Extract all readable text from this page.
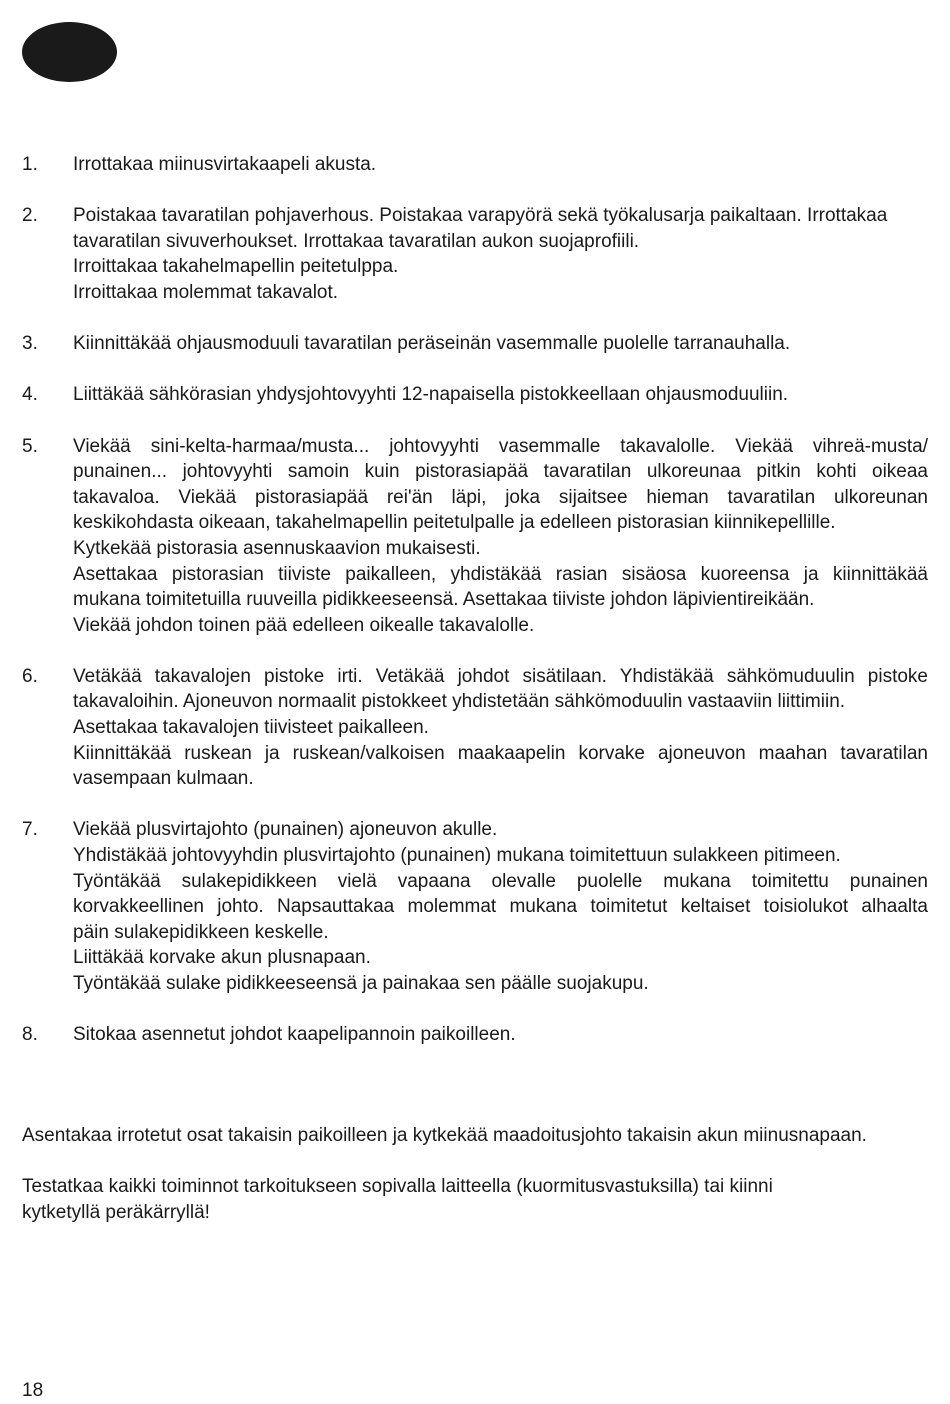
1.	Irrottakaa miinusvirtakaapeli akusta.
2.	Poistakaa tavaratilan pohjaverhous. Poistakaa varapyörä sekä työkalusarja paikaltaan. Irrottakaa
tavaratilan sivuverhoukset. Irrottakaa tavaratilan aukon suojaprofiili.
Irroittakaa takahelmapellin peitetulppa.
Irroittakaa molemmat takavalot.
3.	Kiinnittäkää ohjausmoduuli tavaratilan peräseinän vasemmalle puolelle tarranauhalla.
4.	Liittäkää sähkörasian yhdysjohtovyyhti 12-napaisella pistokkeellaan ohjausmoduuliin.
5.	Viekää sini-kelta-harmaa/musta... johtovyyhti vasemmalle takavalolle. Viekää vihreä-musta/
punainen... johtovyyhti samoin kuin pistorasiapää tavaratilan ulkoreunaa pitkin kohti oikeaa
takavaloa. Viekää pistorasiapää rei'än läpi, joka sijaitsee hieman tavaratilan ulkoreunan
keskikohdasta oikeaan, takahelmapellin peitetulpalle ja edelleen pistorasian kiinnikepellille.
Kytkekää pistorasia asennuskaavion mukaisesti.
Asettakaa pistorasian tiiviste paikalleen, yhdistäkää rasian sisäosa kuoreensa ja kiinnittäkää
mukana toimitetuilla ruuveilla pidikkeeseensä. Asettakaa tiiviste johdon läpivientireikään.
Viekää johdon toinen pää edelleen oikealle takavalolle.
6.	Vetäkää takavalojen pistoke irti. Vetäkää johdot sisätilaan. Yhdistäkää sähkömuduulin pistoke
takavaloihin. Ajoneuvon normaalit pistokkeet yhdistetään sähkömoduulin vastaaviin liittimiin.
Asettakaa takavalojen tiivisteet paikalleen.
Kiinnittäkää ruskean ja ruskean/valkoisen maakaapelin korvake ajoneuvon maahan tavaratilan
vasempaan kulmaan.
7.	Viekää plusvirtajohto (punainen) ajoneuvon akulle.
Yhdistäkää johtovyyhdin plusvirtajohto (punainen) mukana toimitettuun sulakkeen pitimeen.
Työntäkää sulakepidikkeen vielä vapaana olevalle puolelle mukana toimitettu punainen
korvakkeellinen johto. Napsauttakaa molemmat mukana toimitetut keltaiset toisiolukot alhaalta
päin sulakepidikkeen keskelle.
Liittäkää korvake akun plusnapaan.
Työntäkää sulake pidikkeeseensä ja painakaa sen päälle suojakupu.
8.	Sitokaa asennetut johdot kaapelipannoin paikoilleen.
Asentakaa irrotetut osat takaisin paikoilleen ja kytkekää maadoitusjohto takaisin akun miinusnapaan.
Testatkaa kaikki toiminnot tarkoitukseen sopivalla laitteella (kuormitusvastuksilla) tai kiinni
kytketyllä peräkärryllä!
18
